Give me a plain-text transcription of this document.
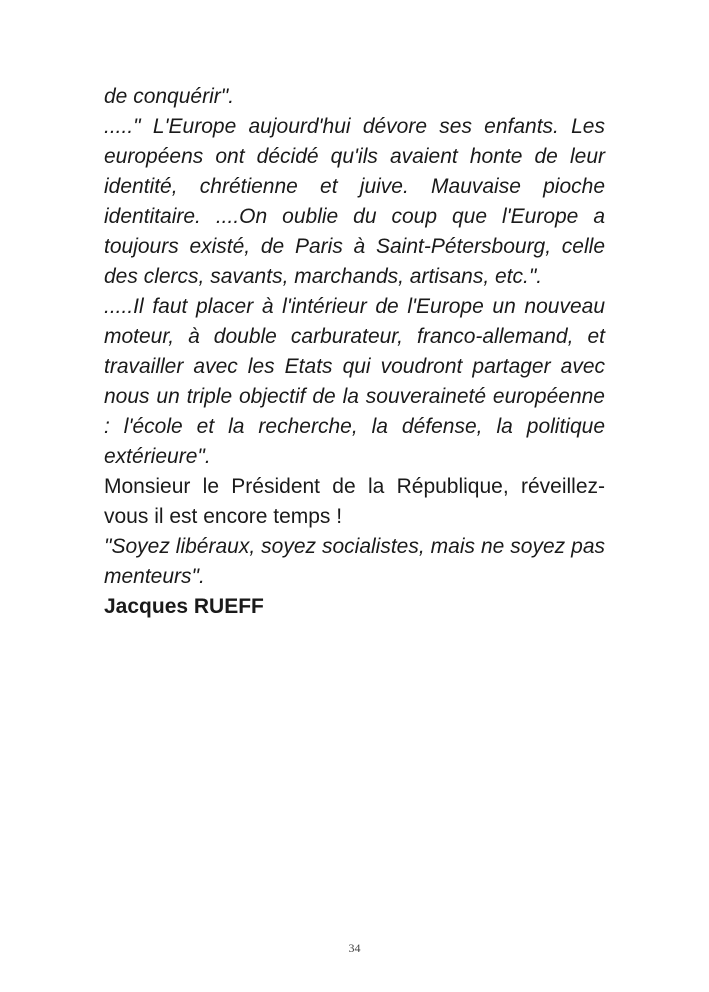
de conquérir".

....." L'Europe aujourd'hui dévore ses enfants. Les européens ont décidé qu'ils avaient honte de leur identité, chrétienne et juive. Mauvaise pioche identitaire. ....On oublie du coup que l'Europe a toujours existé, de Paris à Saint-Pétersbourg, celle des clercs, savants, marchands, artisans, etc.".

.....Il faut placer à l'intérieur de l'Europe un nouveau moteur, à double carburateur, franco-allemand, et travailler avec les Etats qui voudront partager avec nous un triple objectif de la souveraineté européenne : l'école et la recherche, la défense, la politique extérieure".

Monsieur le Président de la République, réveillez-vous il est encore temps !

"Soyez libéraux, soyez socialistes, mais ne soyez pas menteurs".

Jacques RUEFF

34
